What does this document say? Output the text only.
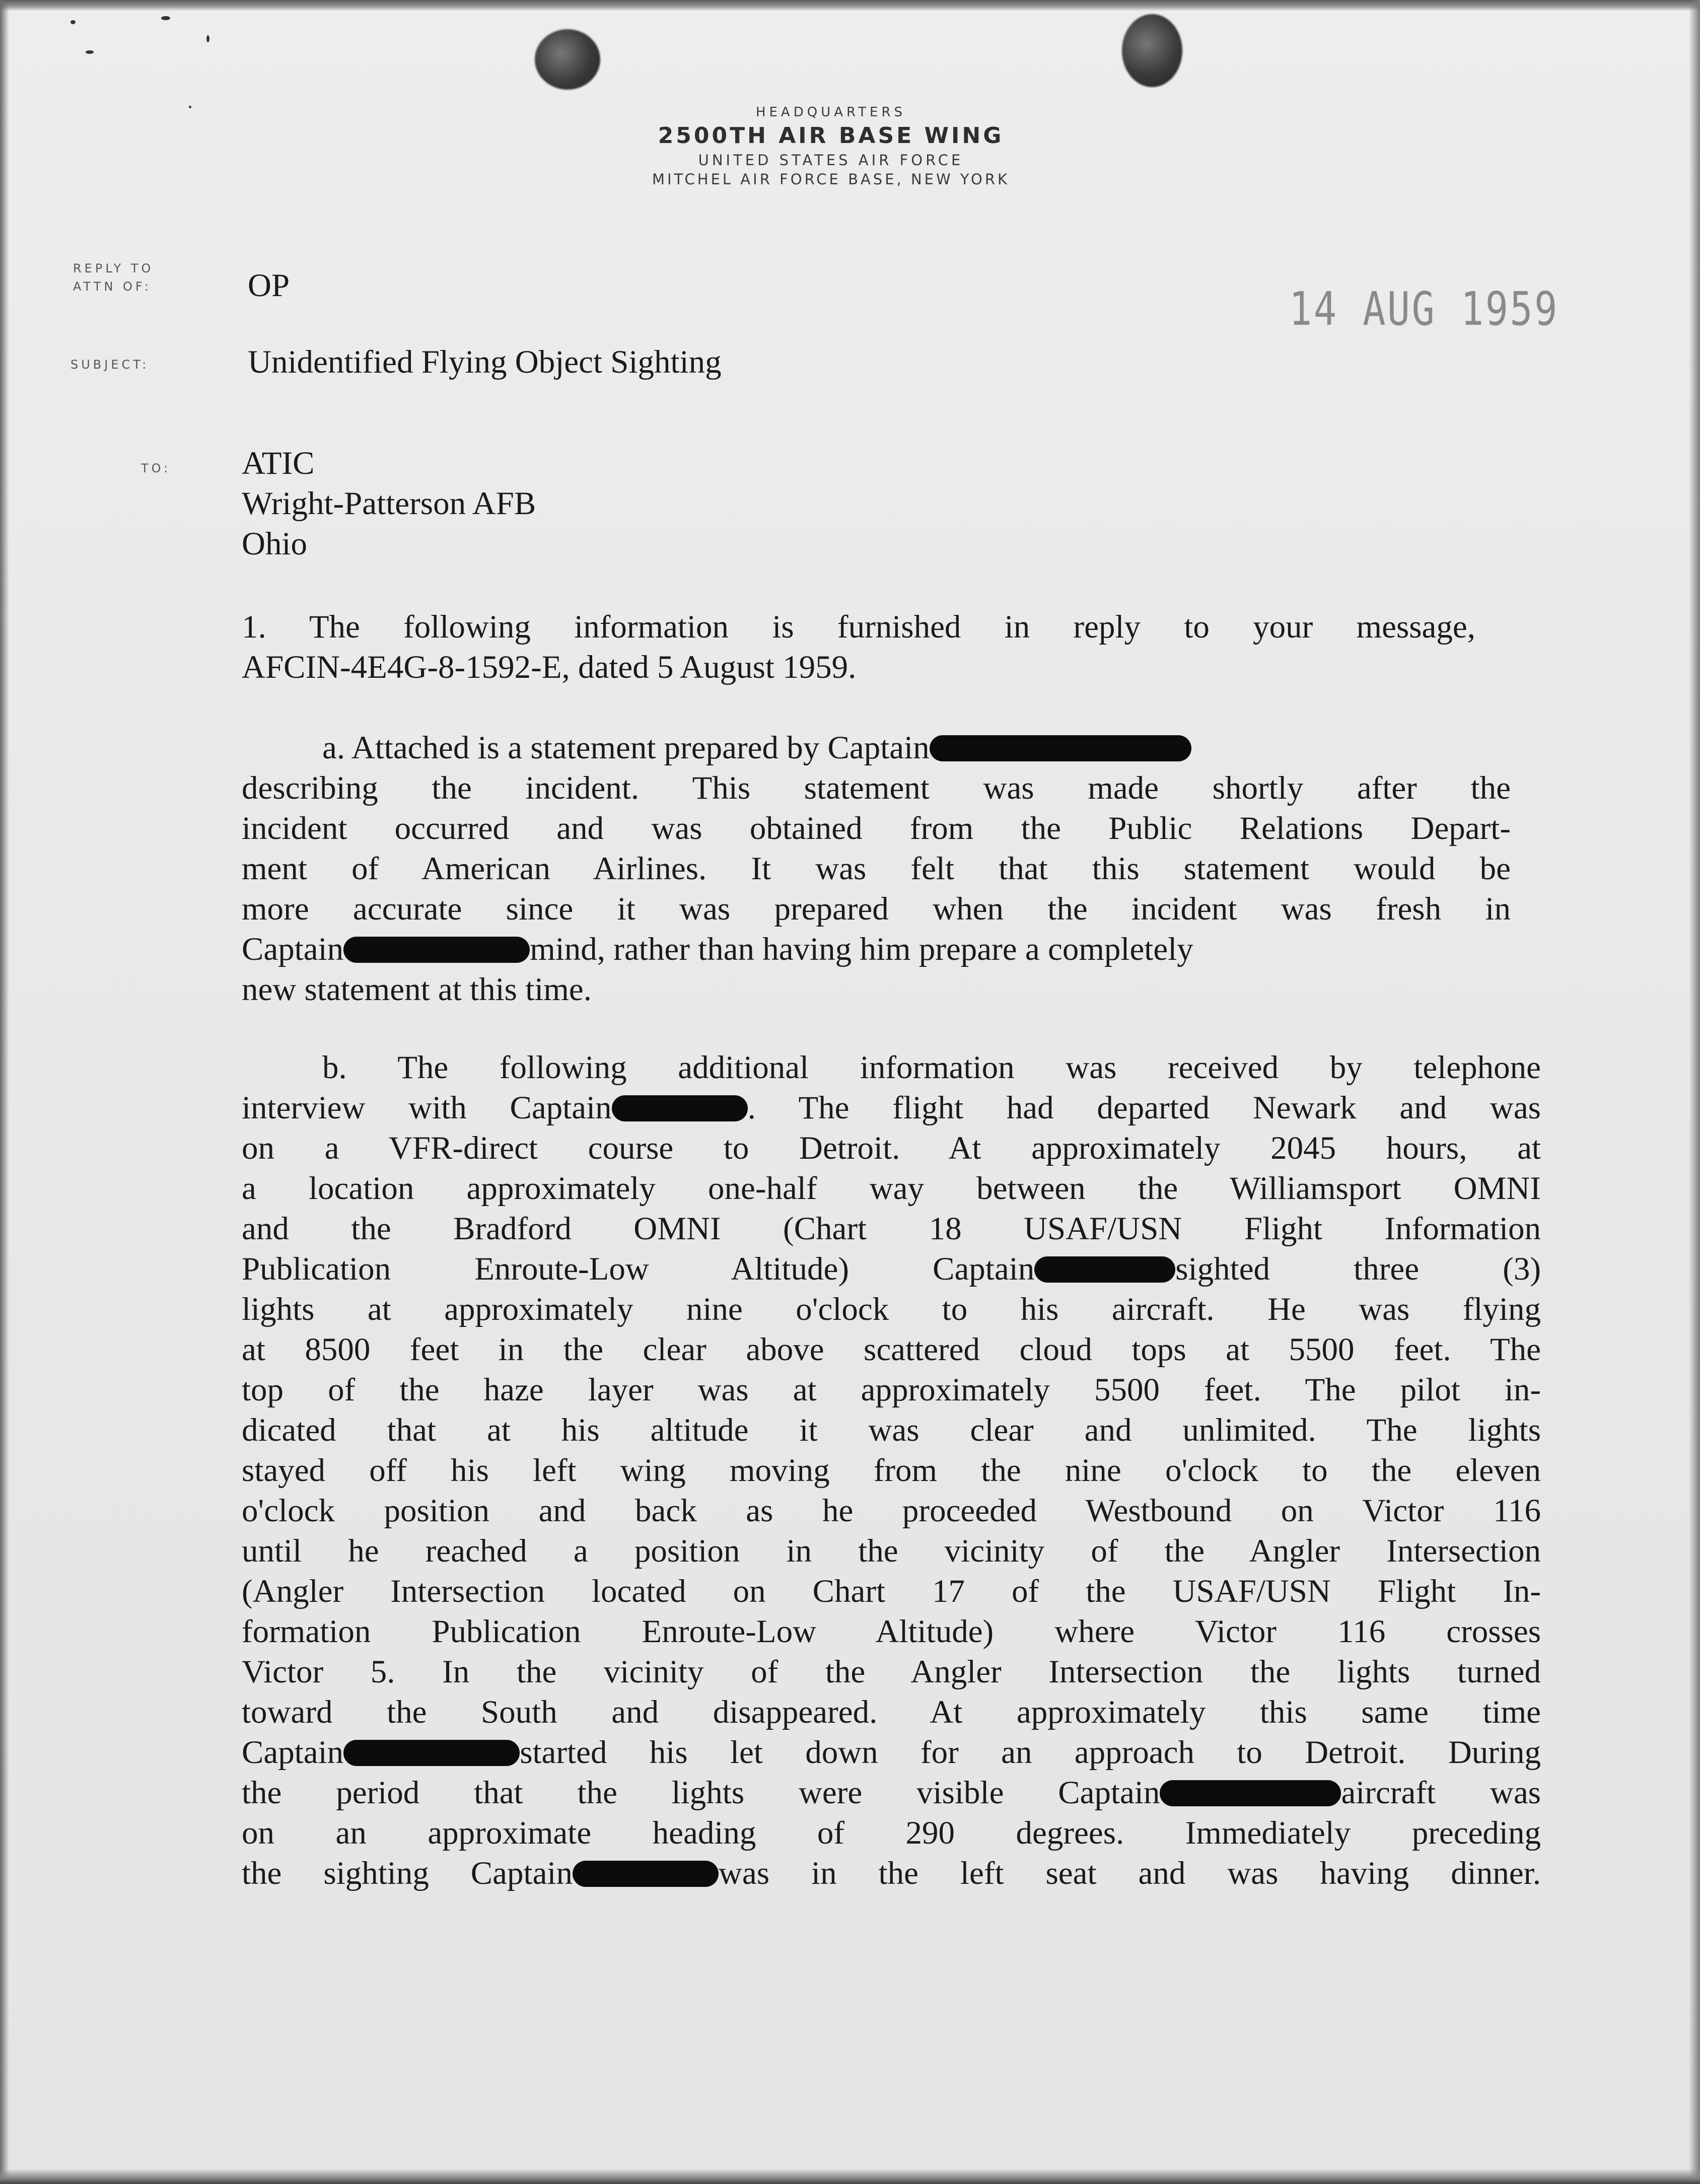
HEADQUARTERS
2500TH AIR BASE WING
UNITED STATES AIR FORCE
MITCHEL AIR FORCE BASE, NEW YORK
REPLY TO
ATTN OF:	OP	14 AUG 1959
SUBJECT:	Unidentified Flying Object Sighting
TO: ATIC
Wright-Patterson AFB
Ohio
1. The following information is furnished in reply to your message,
AFCIN-4E4G-8-1592-E, dated 5 August 1959.
a. Attached is a statement prepared by Captain
describing the incident. This statement was made shortly after the
incident occurred and was obtained from the Public Relations Depart-
ment of American Airlines. It was felt that this statement would be
more accurate since it was prepared when the incident was fresh in
Captain	mind, rather than having him prepare a completely
new statement at this time.
b. The following additional information was received by telephone
interview with Captain	. The flight had departed Newark and was
on a VFR-direct course to Detroit. At approximately 2045 hours, at
a location approximately one-half way between the Williamsport OMNI
and the Bradford OMNI (Chart 18 USAF/USN Flight Information
Publication Enroute-Low Altitude) Captain	sighted three (3)
lights at approximately nine o'clock to his aircraft. He was flying
at 8500 feet in the clear above scattered cloud tops at 5500 feet. The
top of the haze layer was at approximately 5500 feet. The pilot in-
dicated that at his altitude it was clear and unlimited. The lights
stayed off his left wing moving from the nine o'clock to the eleven
o'clock position and back as he proceeded Westbound on Victor 116
until he reached a position in the vicinity of the Angler Intersection
(Angler Intersection located on Chart 17 of the USAF/USN Flight In-
formation Publication Enroute-Low Altitude) where Victor 116 crosses
Victor 5. In the vicinity of the Angler Intersection the lights turned
toward the South and disappeared. At approximately this same time
Captain	started his let down for an approach to Detroit. During
the period that the lights were visible Captain	aircraft was
on an approximate heading of 290 degrees. Immediately preceding
the sighting Captain	was in the left seat and was having dinner.
